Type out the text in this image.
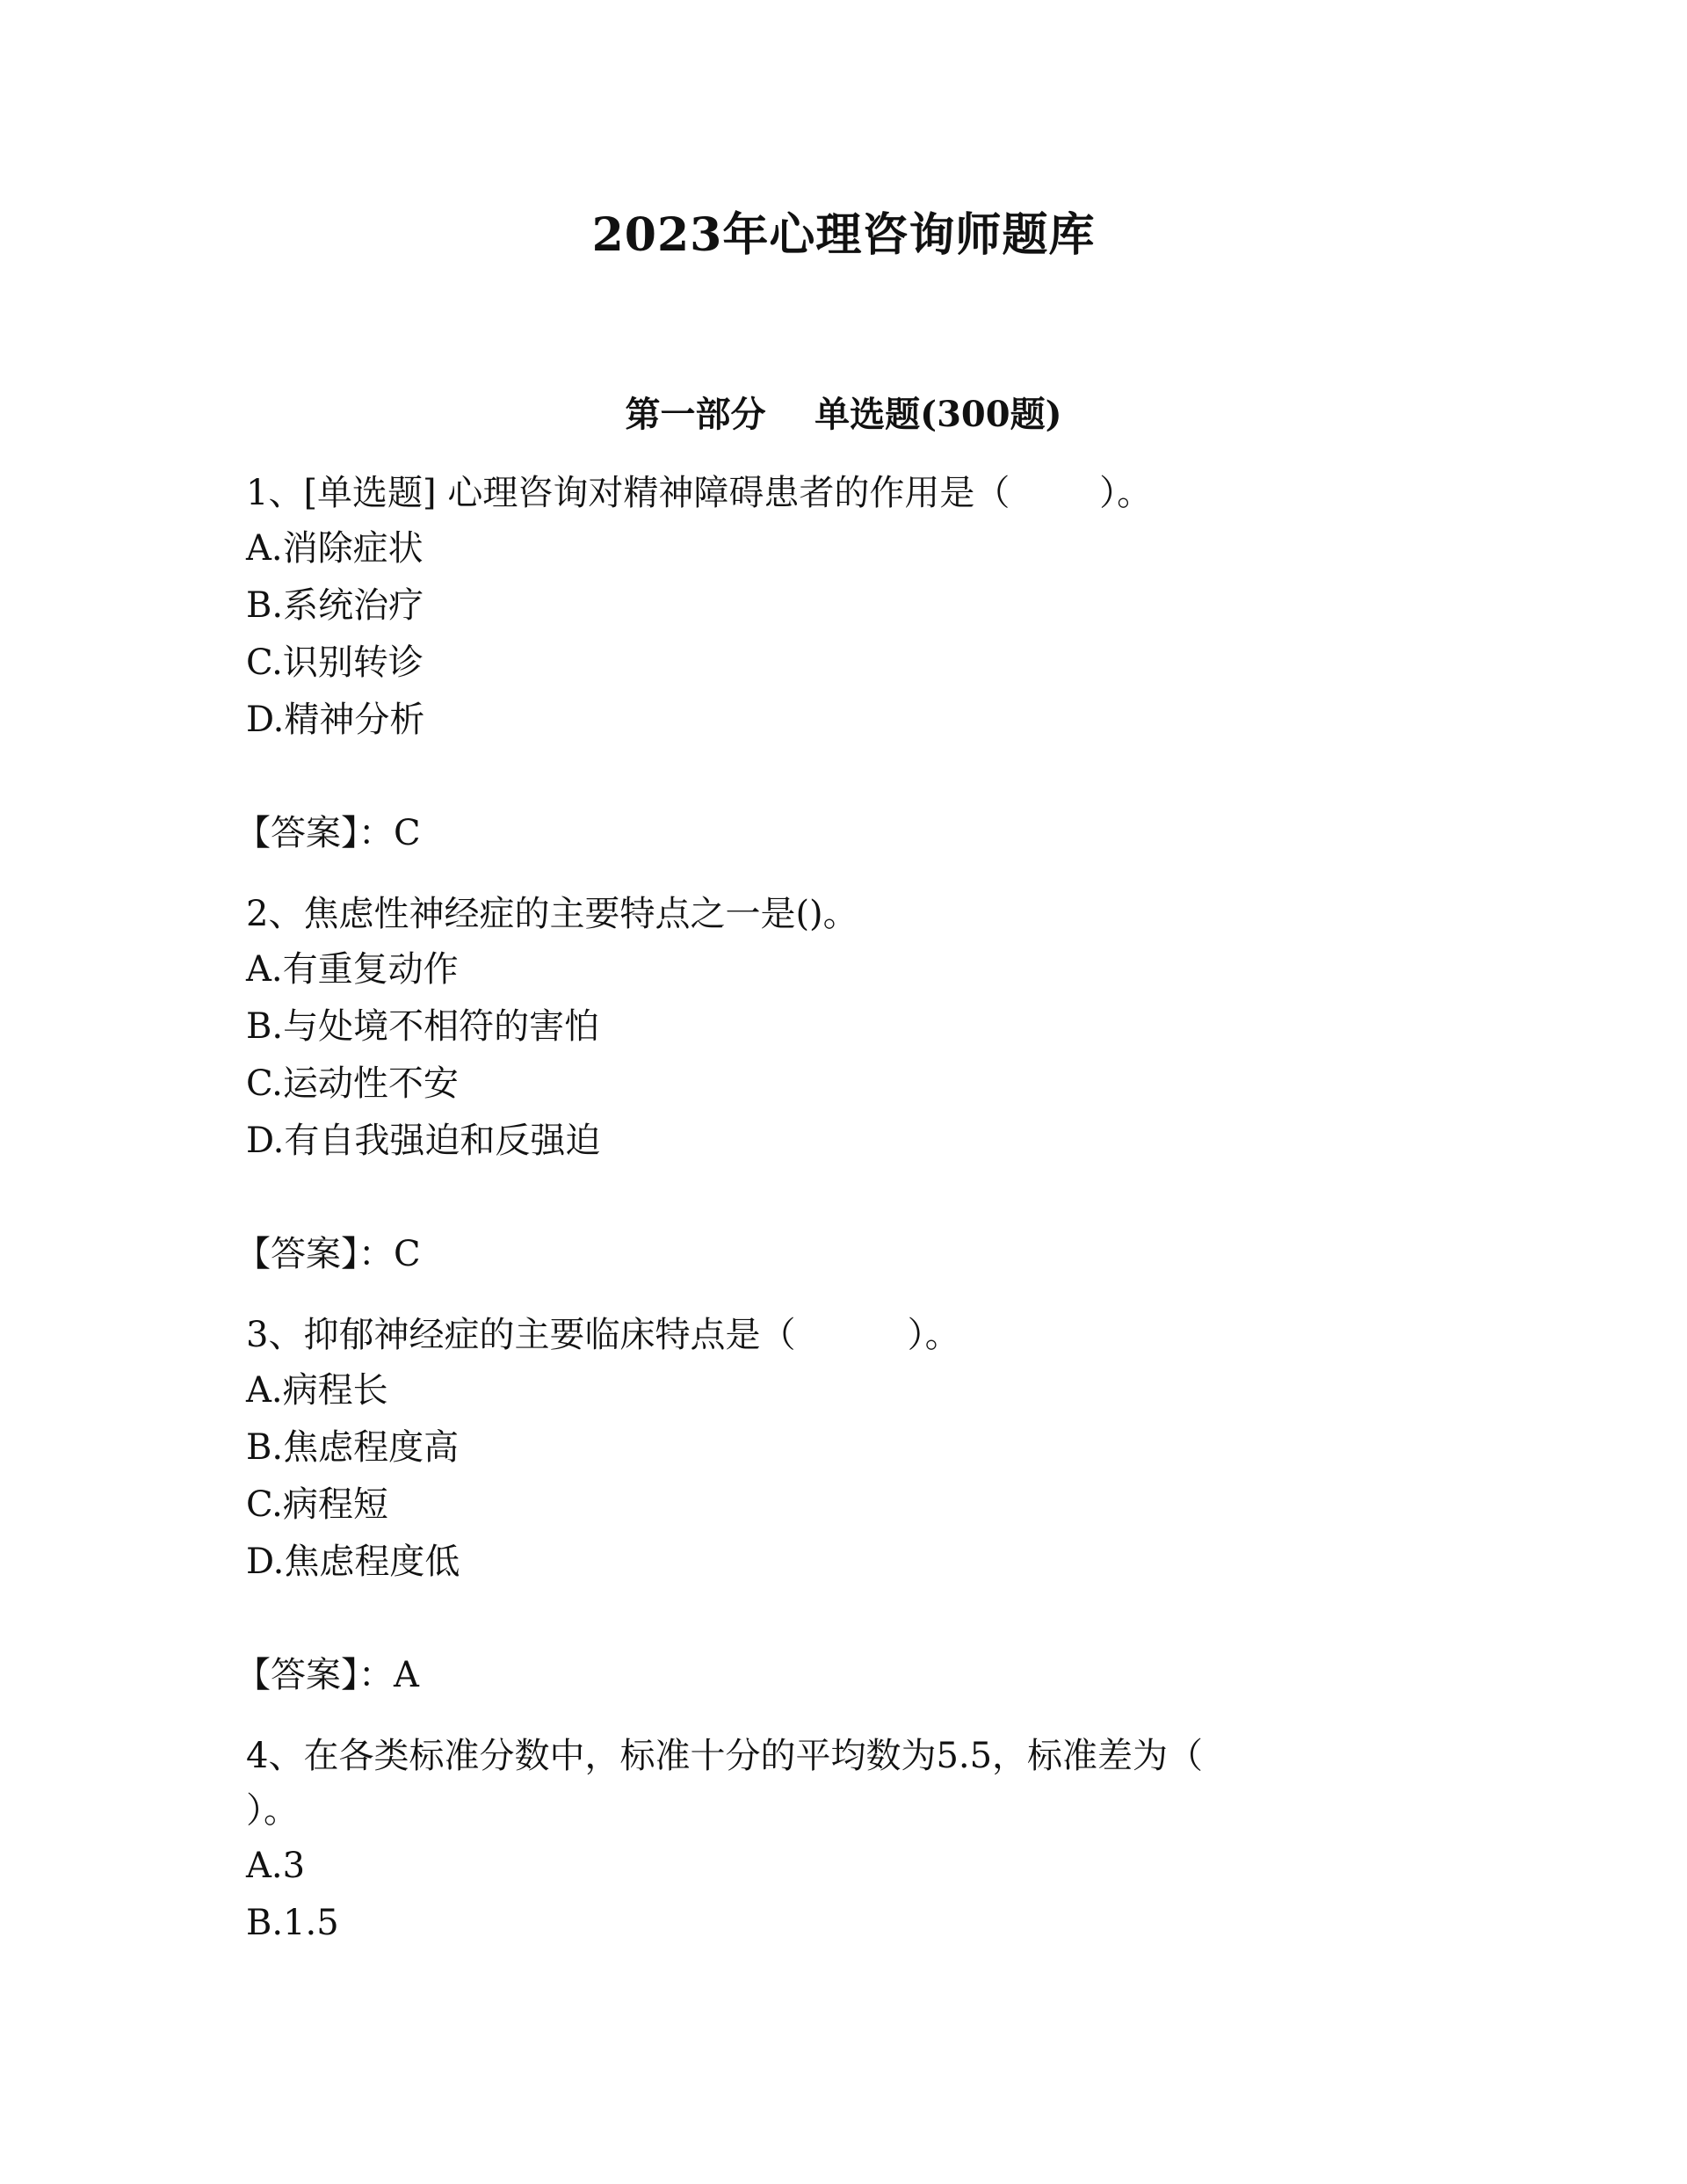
2023年心理咨询师题库
第一部分    单选题(300题)

1、[单选题] 心理咨询对精神障碍患者的作用是（        ）。

A.消除症状

B.系统治疗

C.识别转诊

D.精神分析

【答案】：C

2、焦虑性神经症的主要特点之一是()。

A.有重复动作

B.与处境不相符的害怕

C.运动性不安

D.有自我强迫和反强迫

【答案】：C

3、抑郁神经症的主要临床特点是（          ）。

A.病程长

B.焦虑程度高

C.病程短

D.焦虑程度低

【答案】：A

4、在各类标准分数中，标准十分的平均数为5.5，标准差为（
）。

A.3

B.1.5
